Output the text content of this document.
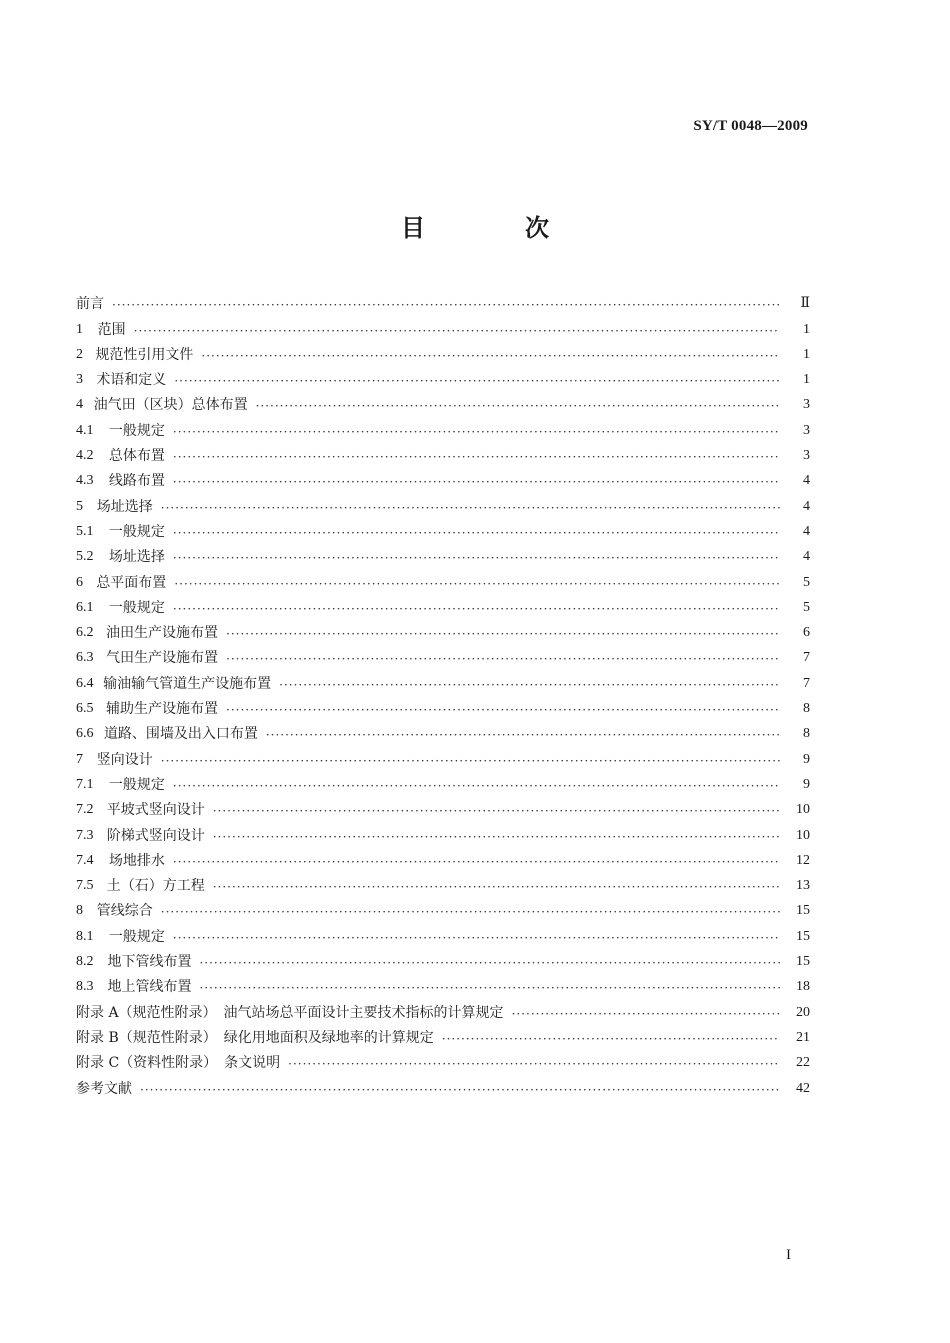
SY/T 0048—2009
目　次
前言 ·····	Ⅱ
1	范围 ·····	1
2 规范性引用文件 ·····	1
3 术语和定义 ·····	1
4 油气田（区块）总体布置 ·····	3
4.1	一般规定 ·····	3
4.2	总体布置 ·····	3
4.3	线路布置 ·····	4
5 场址选择 ·····	4
5.1	一般规定 ·····	4
5.2	场址选择 ·····	4
6 总平面布置 ·····	5
6.1	一般规定 ·····	5
6.2 油田生产设施布置 ·····	6
6.3 气田生产设施布置 ·····	7
6.4 输油输气管道生产设施布置 ·····	7
6.5 辅助生产设施布置 ·····	8
6.6 道路、围墙及出入口布置 ·····	8
7 竖向设计 ·····	9
7.1	一般规定 ·····	9
7.2 平坡式竖向设计 ·····	10
7.3 阶梯式竖向设计 ·····	10
7.4	场地排水 ·····	12
7.5 土（石）方工程 ·····	13
8 管线综合 ·····	15
8.1	一般规定 ·····	15
8.2 地下管线布置 ·····	15
8.3 地上管线布置 ·····	18
附录 A（规范性附录）　油气站场总平面设计主要技术指标的计算规定 ·····	20
附录 B（规范性附录）　绿化用地面积及绿地率的计算规定 ·····	21
附录 C（资料性附录）　条文说明 ·····	22
参考文献 ·····	42
I
